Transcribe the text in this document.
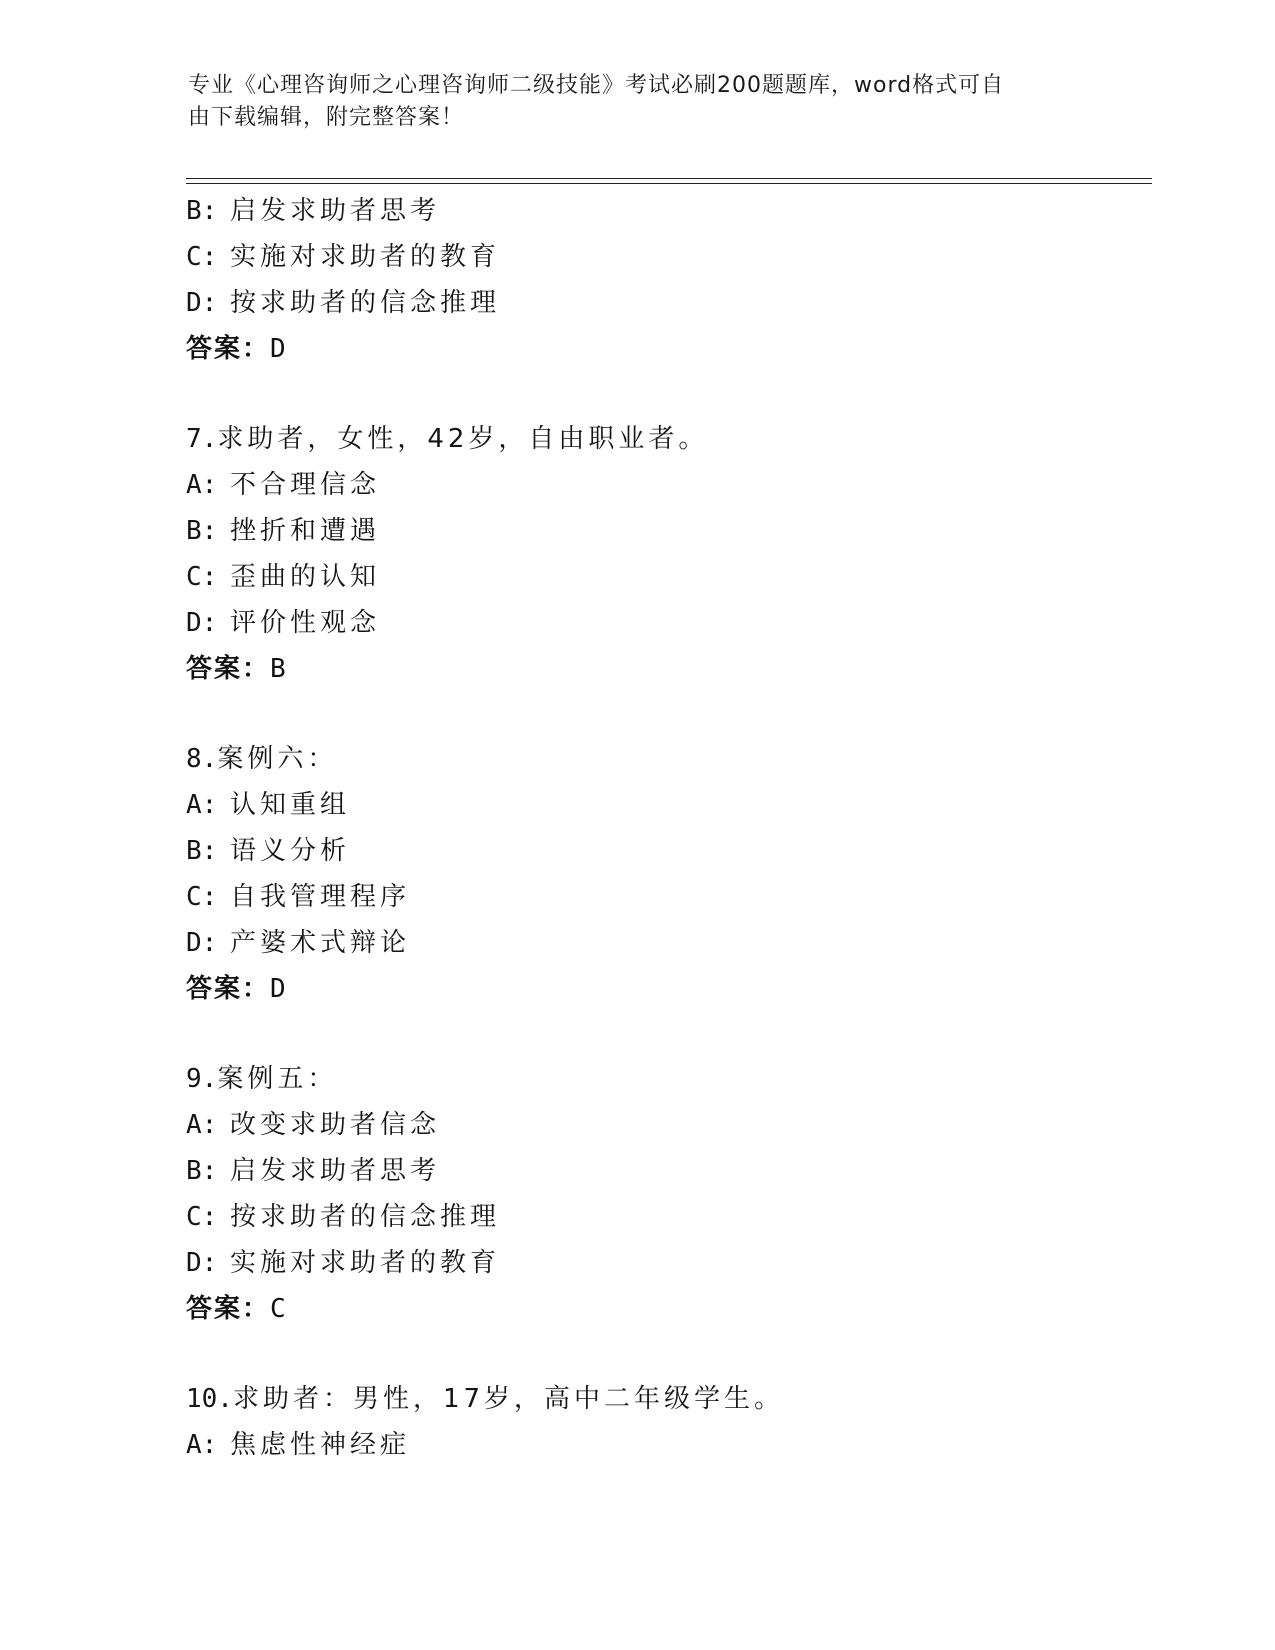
专业《心理咨询师之心理咨询师二级技能》考试必刷200题题库，word格式可自
由下载编辑，附完整答案！
B: 启发求助者思考
C: 实施对求助者的教育
D: 按求助者的信念推理
答案：D
7.求助者，女性，42岁，自由职业者。
A: 不合理信念
B: 挫折和遭遇
C: 歪曲的认知
D: 评价性观念
答案：B
8.案例六：
A: 认知重组
B: 语义分析
C: 自我管理程序
D: 产婆术式辩论
答案：D
9.案例五：
A: 改变求助者信念
B: 启发求助者思考
C: 按求助者的信念推理
D: 实施对求助者的教育
答案：C
10.求助者：男性，17岁，高中二年级学生。
A: 焦虑性神经症
